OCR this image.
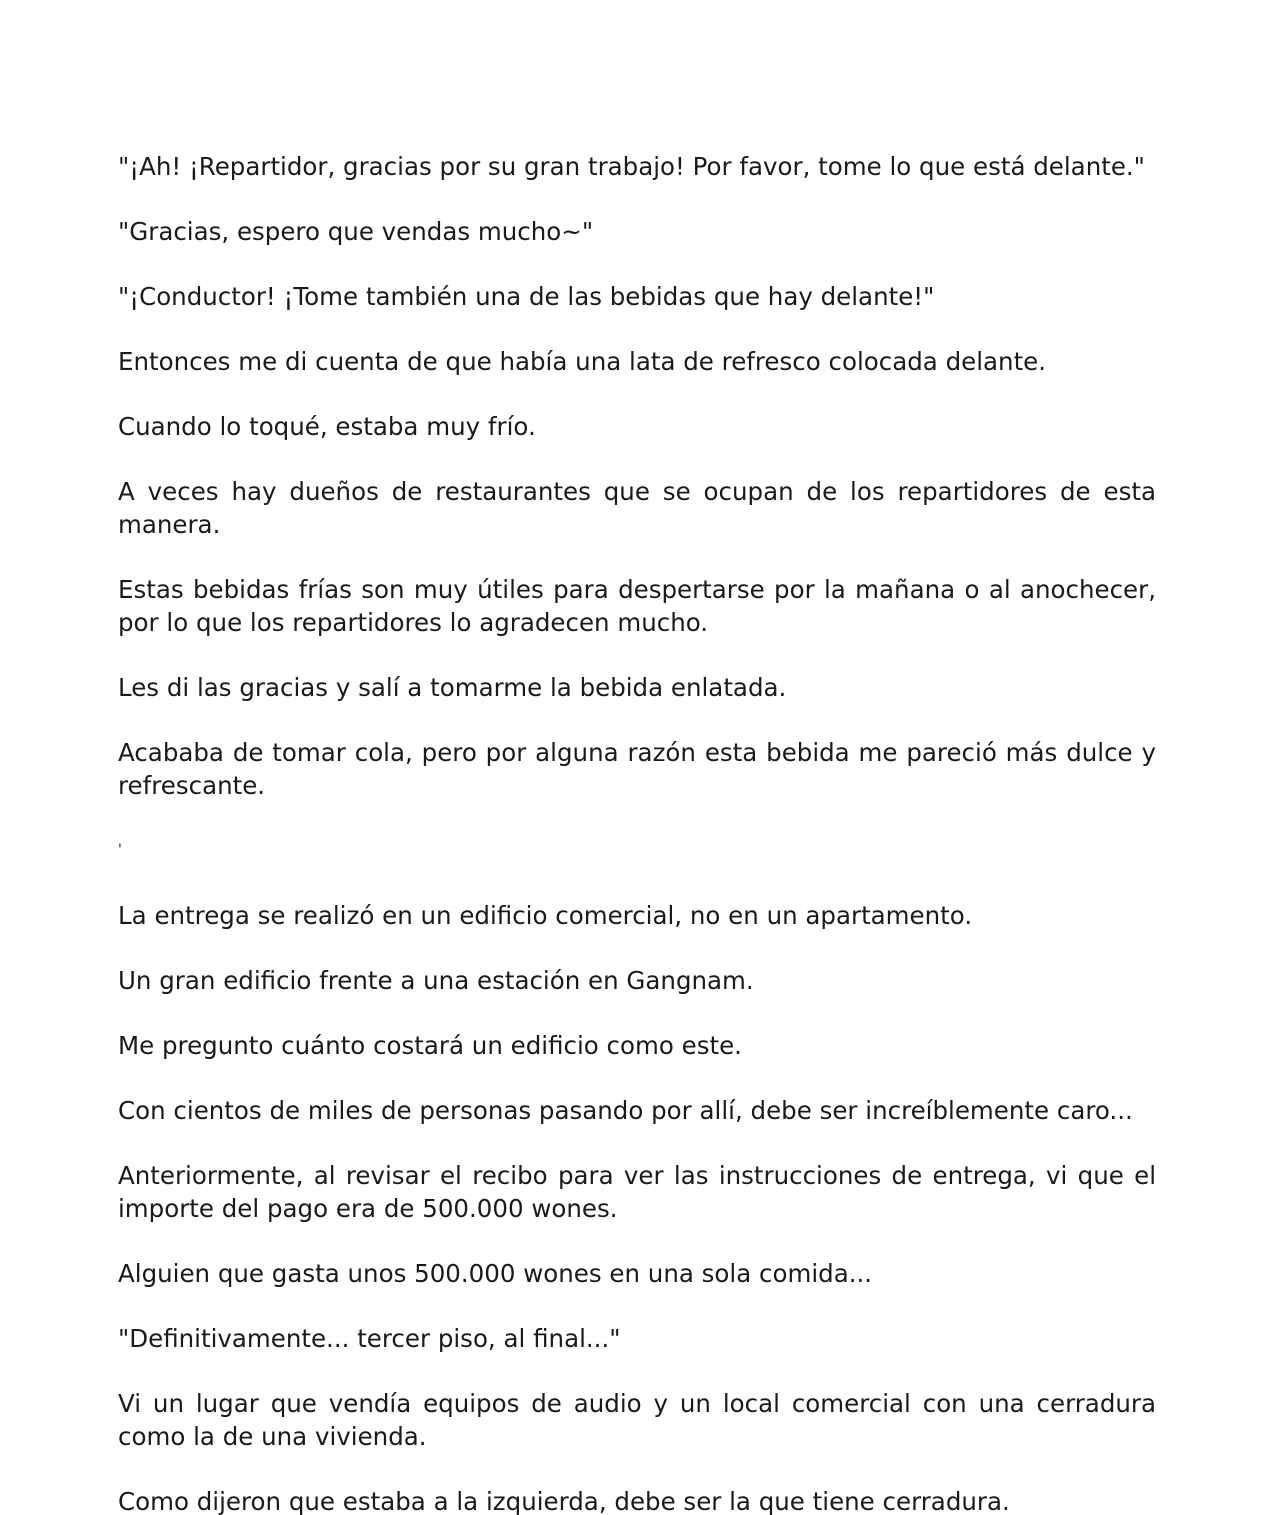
"¡Ah! ¡Repartidor, gracias por su gran trabajo! Por favor, tome lo que está delante."

"Gracias, espero que vendas mucho~"

"¡Conductor! ¡Tome también una de las bebidas que hay delante!"

Entonces me di cuenta de que había una lata de refresco colocada delante.

Cuando lo toqué, estaba muy frío.

A veces hay dueños de restaurantes que se ocupan de los repartidores de esta manera.

Estas bebidas frías son muy útiles para despertarse por la mañana o al anochecer, por lo que los repartidores lo agradecen mucho.

Les di las gracias y salí a tomarme la bebida enlatada.

Acababa de tomar cola, pero por alguna razón esta bebida me pareció más dulce y refrescante.

'

La entrega se realizó en un edificio comercial, no en un apartamento.

Un gran edificio frente a una estación en Gangnam.

Me pregunto cuánto costará un edificio como este.

Con cientos de miles de personas pasando por allí, debe ser increíblemente caro...

Anteriormente, al revisar el recibo para ver las instrucciones de entrega, vi que el importe del pago era de 500.000 wones.

Alguien que gasta unos 500.000 wones en una sola comida...

"Definitivamente... tercer piso, al final..."

Vi un lugar que vendía equipos de audio y un local comercial con una cerradura como la de una vivienda.

Como dijeron que estaba a la izquierda, debe ser la que tiene cerradura.
